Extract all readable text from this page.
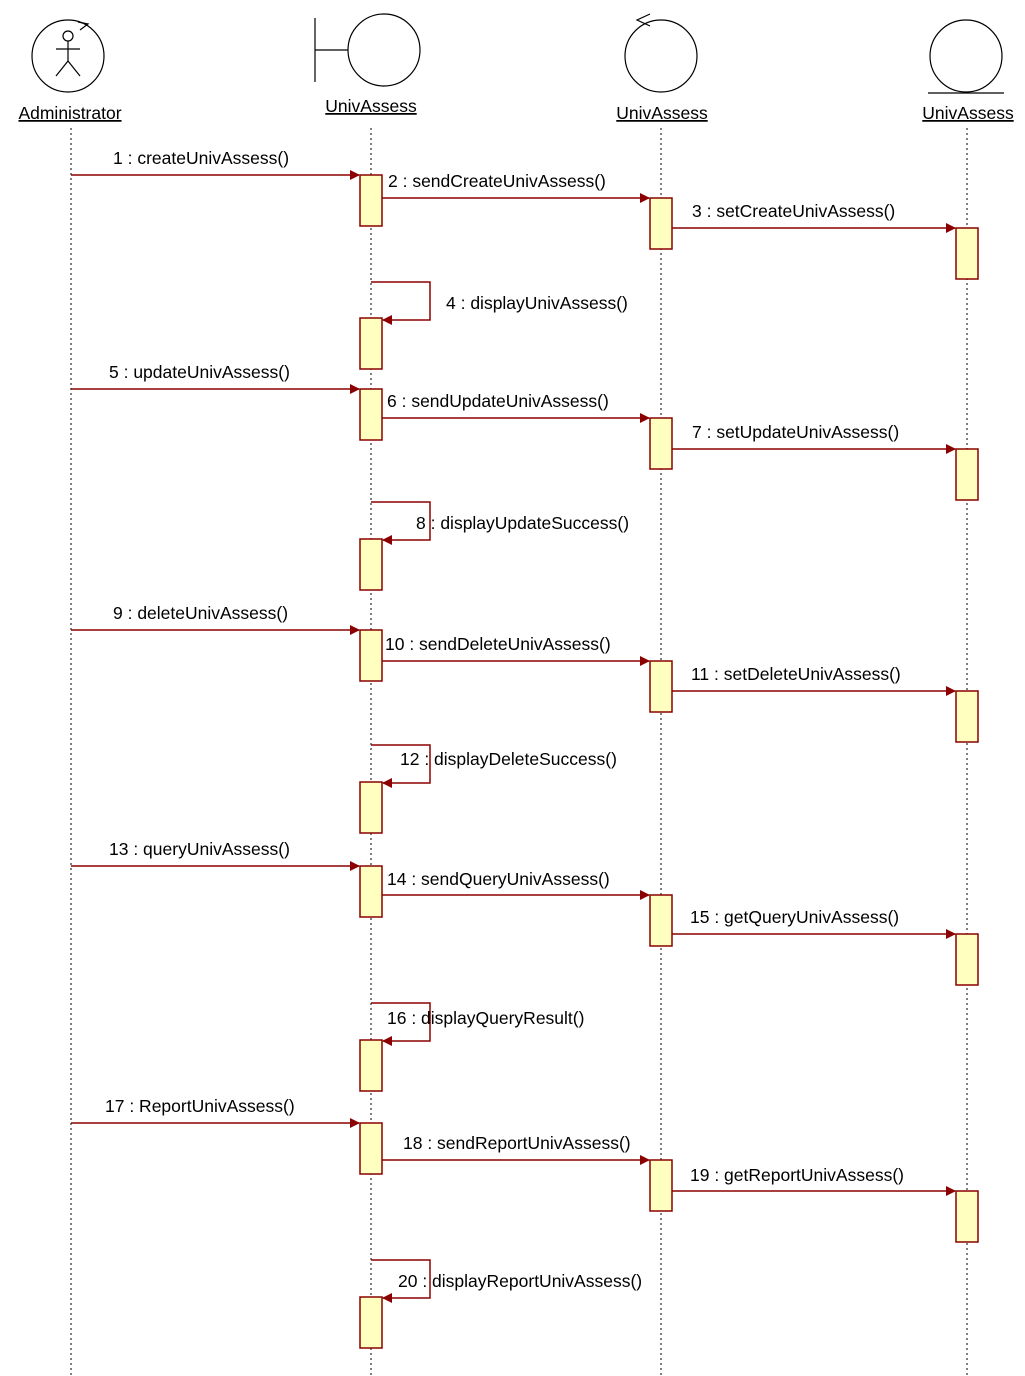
Administrator	UnivAssess	UnivAssess	UnivAssess
1 : createUnivAssess()
2 : sendCreateUnivAssess()
3 : setCreateUnivAssess()
4 : displayUnivAssess()
5 : updateUnivAssess()
6 : sendUpdateUnivAssess()
7 : setUpdateUnivAssess()
8 : displayUpdateSuccess()
9 : deleteUnivAssess()
10 : sendDeleteUnivAssess()
11 : setDeleteUnivAssess()
12 : displayDeleteSuccess()
13 : queryUnivAssess()
14 : sendQueryUnivAssess()
15 : getQueryUnivAssess()
16 : displayQueryResult()
17 : ReportUnivAssess()
18 : sendReportUnivAssess()
19 : getReportUnivAssess()
20 : displayReportUnivAssess()
